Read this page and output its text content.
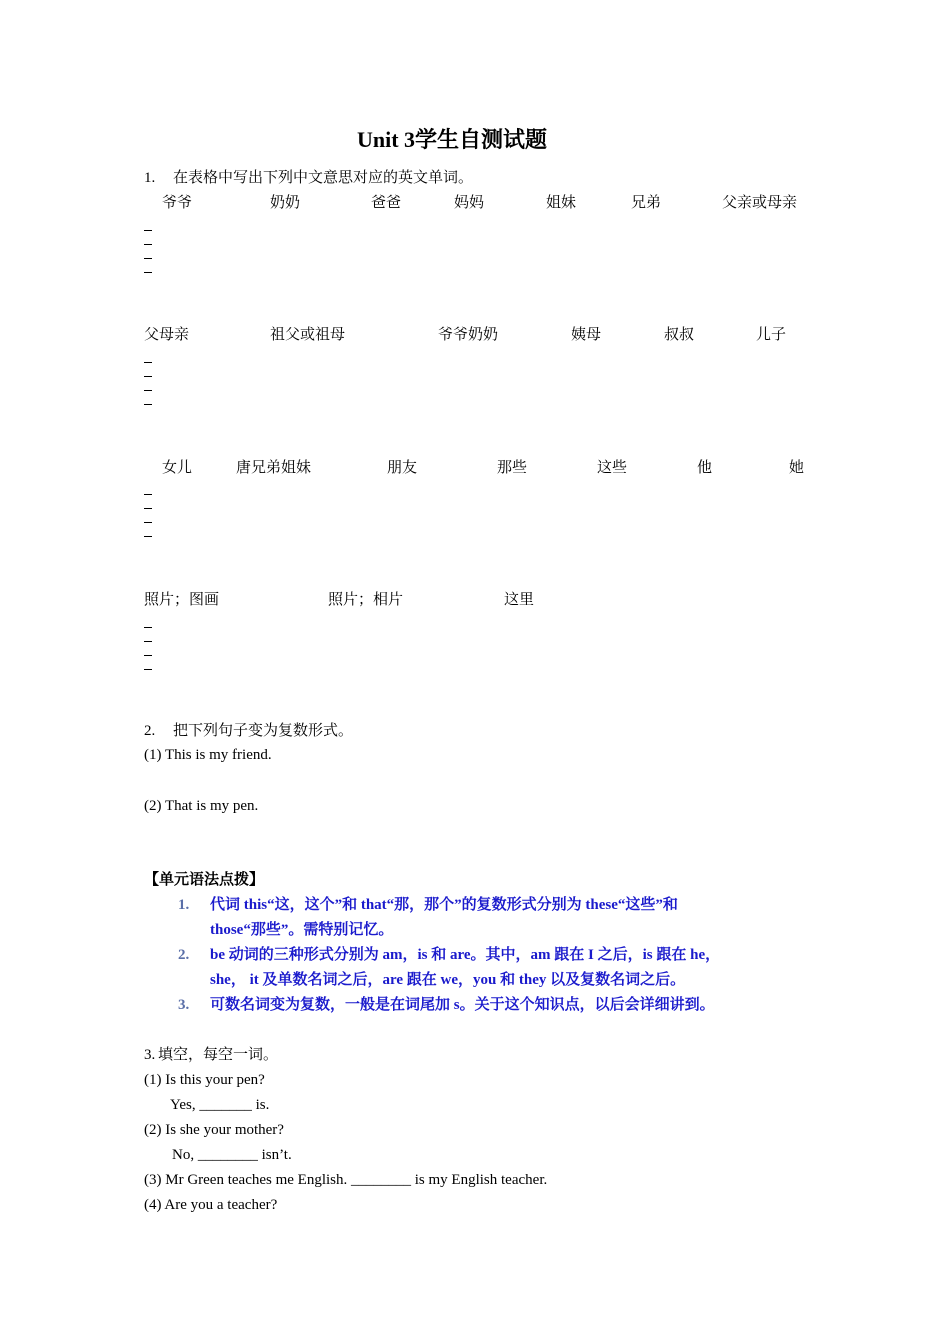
Unit 3学生自测试题
1. 在表格中写出下列中文意思对应的英文单词。
爷爷	奶奶	爸爸	妈妈	姐妹	兄弟	父亲或母亲
父母亲	祖父或祖母	爷爷奶奶	姨母	叔叔	儿子
女儿	唐兄弟姐妹	朋友	那些	这些	他	她
照片；图画	照片；相片	这里
2. 把下列句子变为复数形式。
(1) This is my friend.
(2) That is my pen.
【单元语法点拨】
1. 代词 this“这，这个”和 that“那，那个”的复数形式分别为 these“这些”和
those“那些”。需特别记忆。
2. be 动词的三种形式分别为 am，is 和 are。其中，am 跟在 I 之后，is 跟在 he，
she， it 及单数名词之后，are 跟在 we，you 和 they 以及复数名词之后。
3. 可数名词变为复数，一般是在词尾加 s。关于这个知识点，以后会详细讲到。
3. 填空，每空一词。
(1) Is this your pen?
Yes, _______ is.
(2) Is she your mother?
No, ________ isn’t.
(3) Mr Green teaches me English. ________ is my English teacher.
(4) Are you a teacher?
